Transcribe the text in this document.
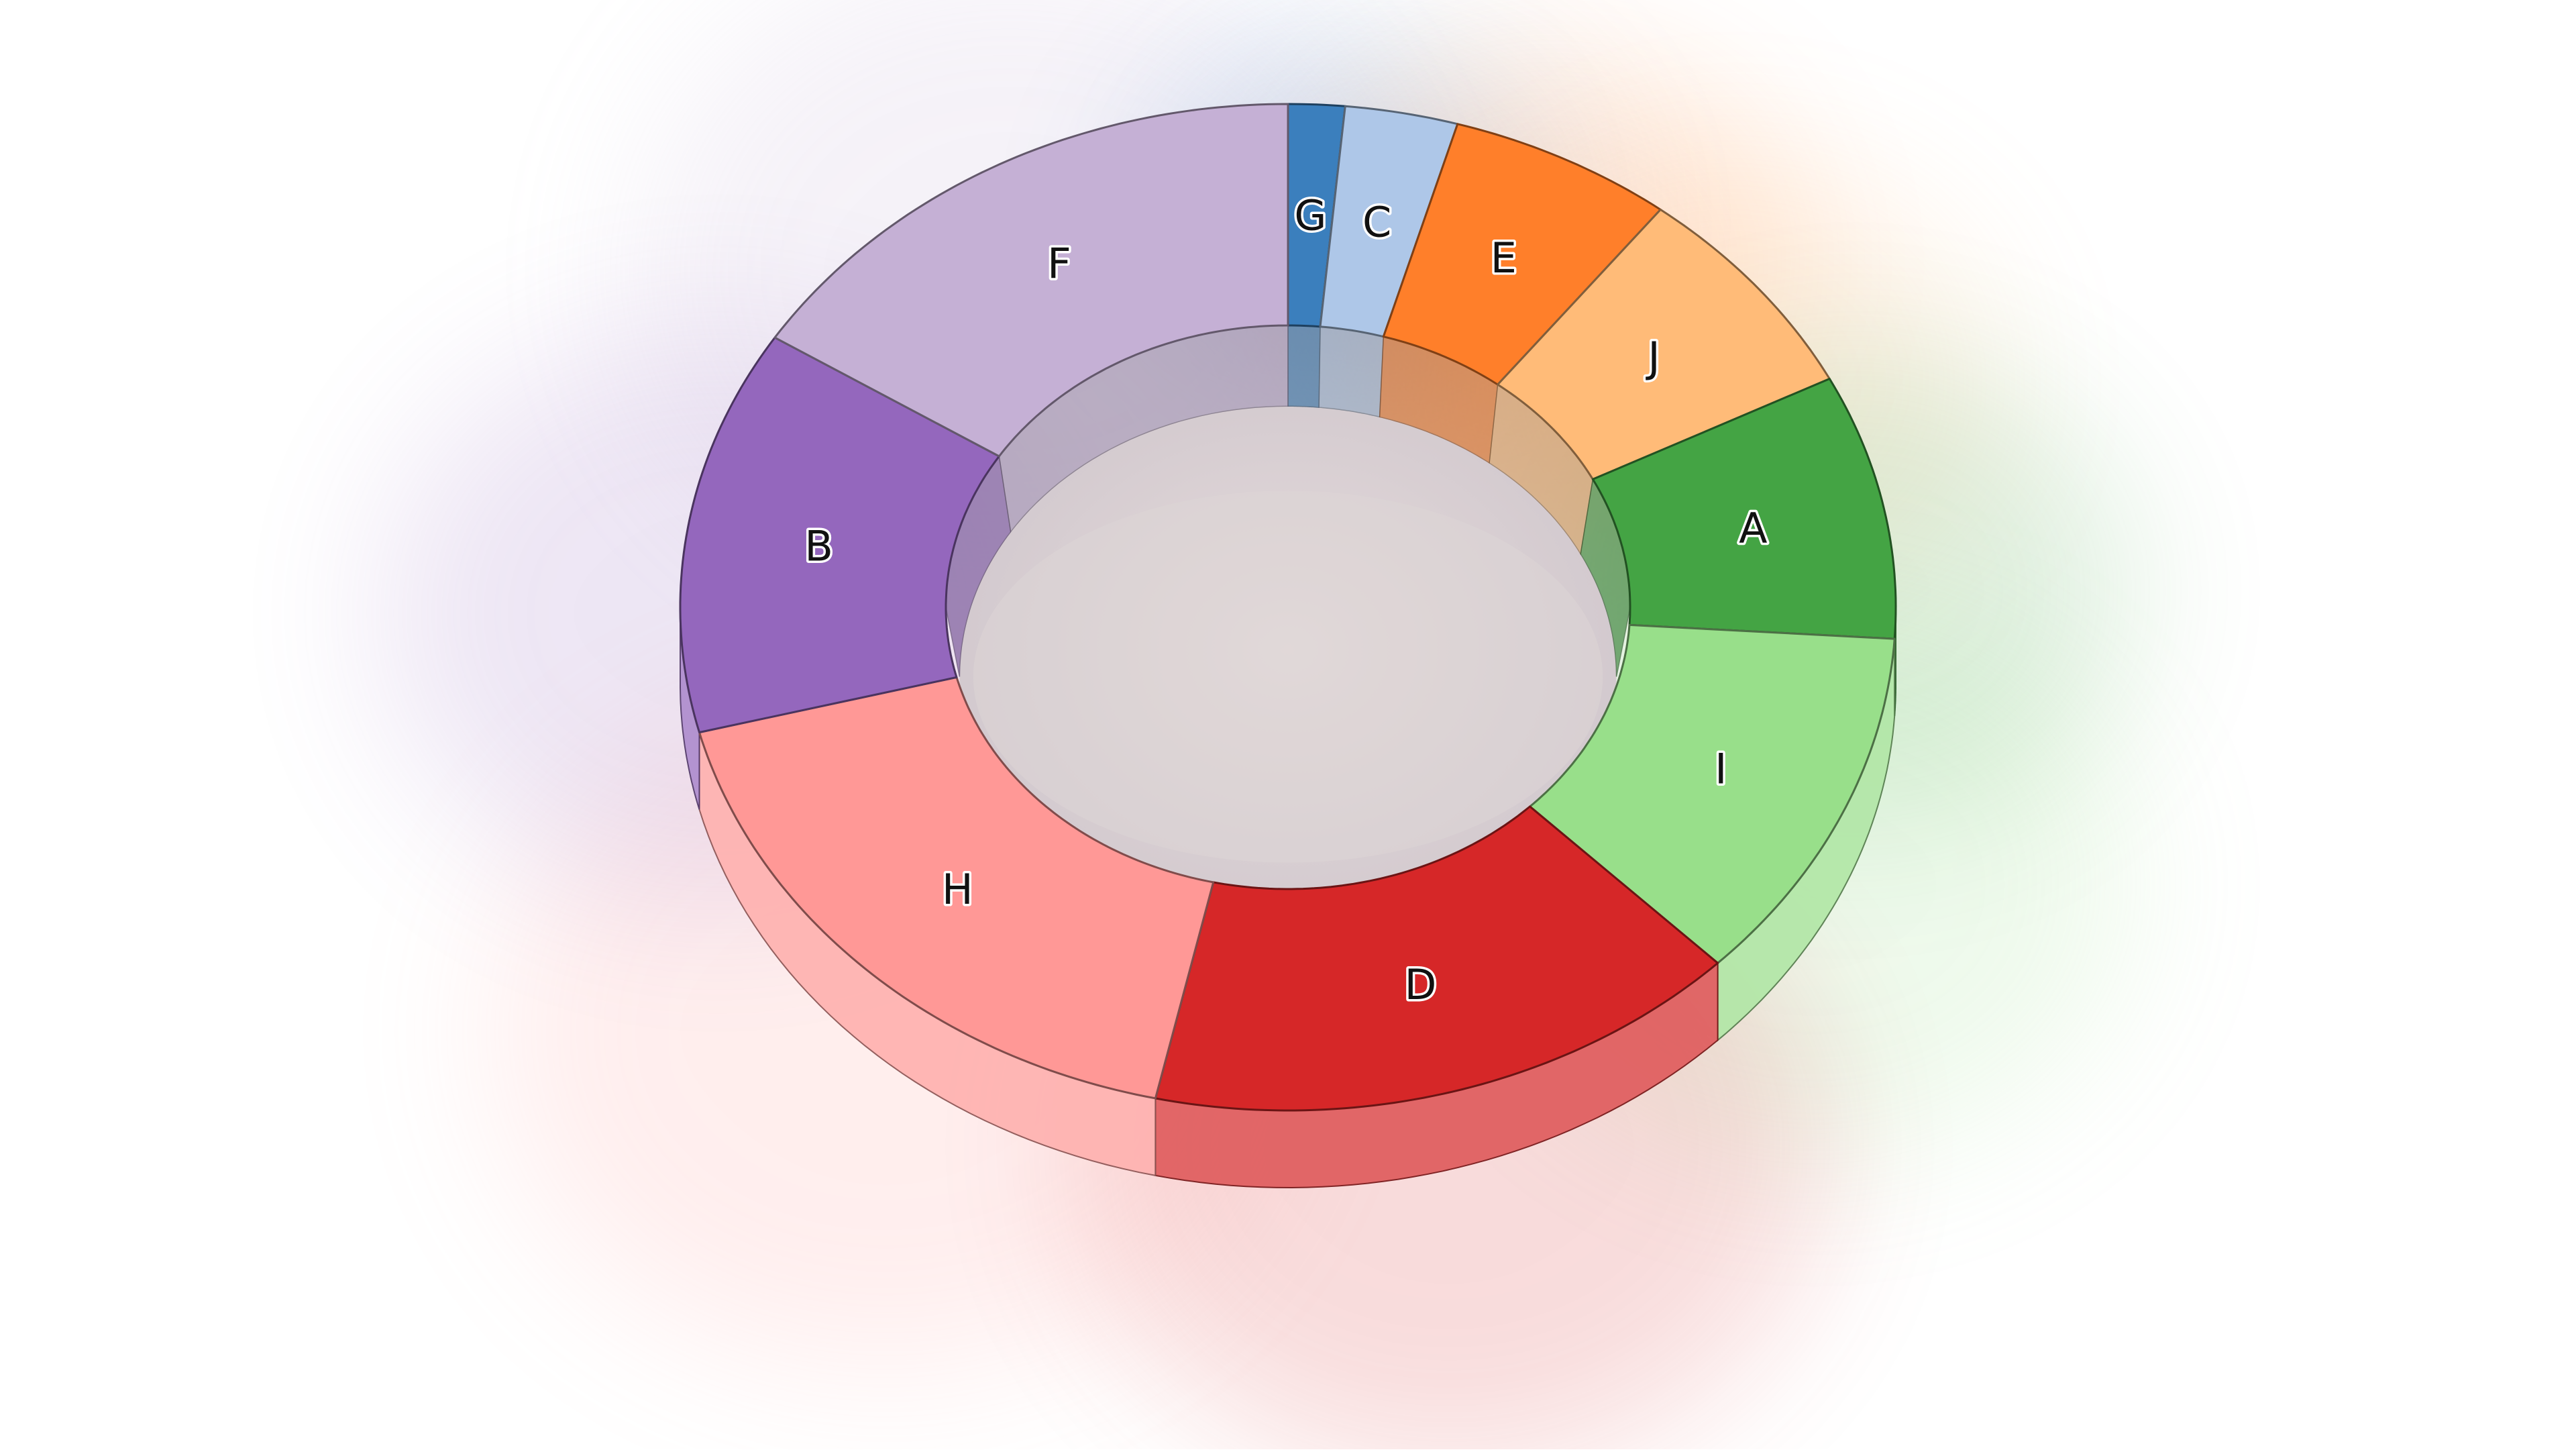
G C
E
J
A
I
D
H
B
F
